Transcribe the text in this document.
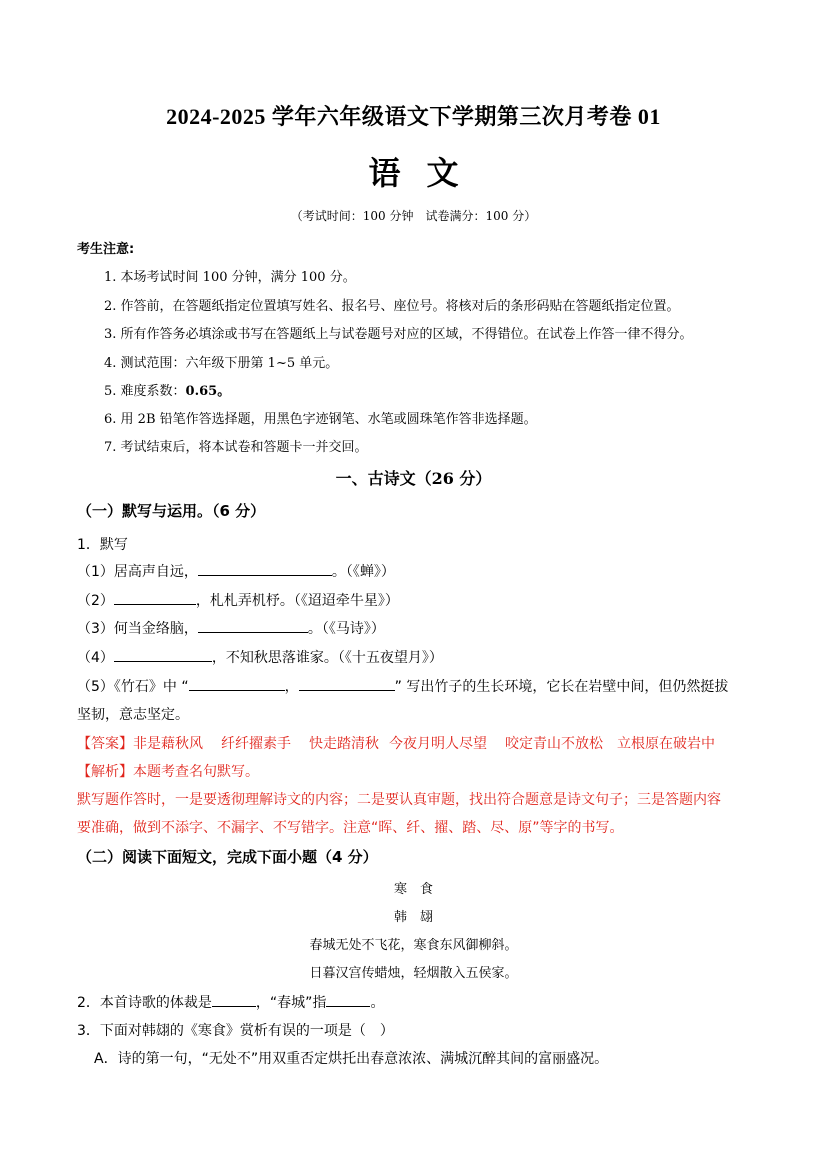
2024-2025 学年六年级语文下学期第三次月考卷 01
语文
（考试时间：100 分钟　试卷满分：100 分）
考生注意:
1. 本场考试时间 100 分钟，满分 100 分。
2. 作答前，在答题纸指定位置填写姓名、报名号、座位号。将核对后的条形码贴在答题纸指定位置。
3. 所有作答务必填涂或书写在答题纸上与试卷题号对应的区域，不得错位。在试卷上作答一律不得分。
4. 测试范围：六年级下册第 1~5 单元。
5. 难度系数：0.65。
6. 用 2B 铅笔作答选择题，用黑色字迹钢笔、水笔或圆珠笔作答非选择题。
7. 考试结束后，将本试卷和答题卡一并交回。
一、古诗文（26 分）
（一）默写与运用。（6 分）
1．默写
（1）居高声自远，	。（《蝉》）
（2）	，札札弄机杼。（《迢迢牵牛星》）
（3）何当金络脑，	。（《马诗》）
（4）	，不知秋思落谁家。（《十五夜望月》）
（5）《竹石》中 “	，	” 写出竹子的生长环境，它长在岩壁中间，但仍然挺拔
坚韧，意志坚定。
【答案】非是藉秋风 纤纤擢素手 快走踏清秋 今夜月明人尽望 咬定青山不放松 立根原在破岩中
【解析】本题考查名句默写。
默写题作答时，一是要透彻理解诗文的内容；二是要认真审题，找出符合题意是诗文句子；三是答题内容
要准确，做到不添字、不漏字、不写错字。注意“晖、纤、擢、踏、尽、原”等字的书写。
（二）阅读下面短文，完成下面小题（4 分）
寒　食
韩　翃
春城无处不飞花，寒食东风御柳斜。
日暮汉宫传蜡烛，轻烟散入五侯家。
2．本首诗歌的体裁是	，“春城”指	。
3．下面对韩翃的《寒食》赏析有误的一项是（　）
A．诗的第一句，“无处不”用双重否定烘托出春意浓浓、满城沉醉其间的富丽盛况。
